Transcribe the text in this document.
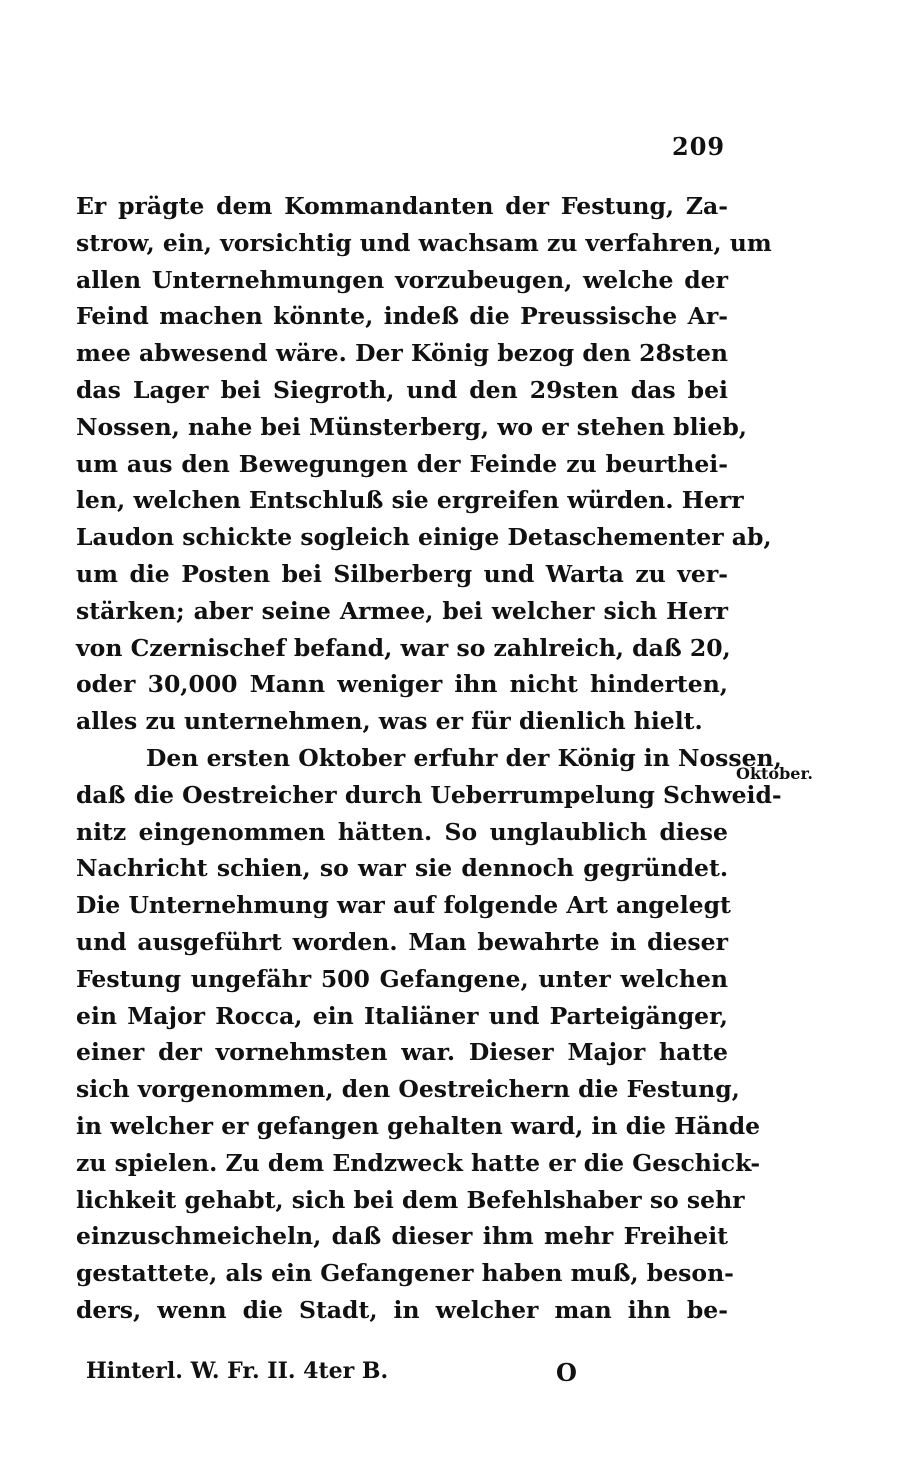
209
Er prägte dem Kommandanten der Festung, Za-
strow, ein, vorsichtig und wachsam zu verfahren, um
allen Unternehmungen vorzubeugen, welche der
Feind machen könnte, indeß die Preussische Ar-
mee abwesend wäre. Der König bezog den 28sten
das Lager bei Siegroth, und den 29sten das bei
Nossen, nahe bei Münsterberg, wo er stehen blieb,
um aus den Bewegungen der Feinde zu beurthei-
len, welchen Entschluß sie ergreifen würden. Herr
Laudon schickte sogleich einige Detaschementer ab,
um die Posten bei Silberberg und Warta zu ver-
stärken; aber seine Armee, bei welcher sich Herr
von Czernischef befand, war so zahlreich, daß 20,
oder 30,000 Mann weniger ihn nicht hinderten,
alles zu unternehmen, was er für dienlich hielt.
Den ersten Oktober erfuhr der König in Nossen,
daß die Oestreicher durch Ueberrumpelung Schweid-
nitz eingenommen hätten. So unglaublich diese
Nachricht schien, so war sie dennoch gegründet.
Die Unternehmung war auf folgende Art angelegt
und ausgeführt worden. Man bewahrte in dieser
Festung ungefähr 500 Gefangene, unter welchen
ein Major Rocca, ein Italiäner und Parteigänger,
einer der vornehmsten war. Dieser Major hatte
sich vorgenommen, den Oestreichern die Festung,
in welcher er gefangen gehalten ward, in die Hände
zu spielen. Zu dem Endzweck hatte er die Geschick-
lichkeit gehabt, sich bei dem Befehlshaber so sehr
einzuschmeicheln, daß dieser ihm mehr Freiheit
gestattete, als ein Gefangener haben muß, beson-
ders, wenn die Stadt, in welcher man ihn be-
Oktober.
Hinterl. W. Fr. II. 4ter B.	O
